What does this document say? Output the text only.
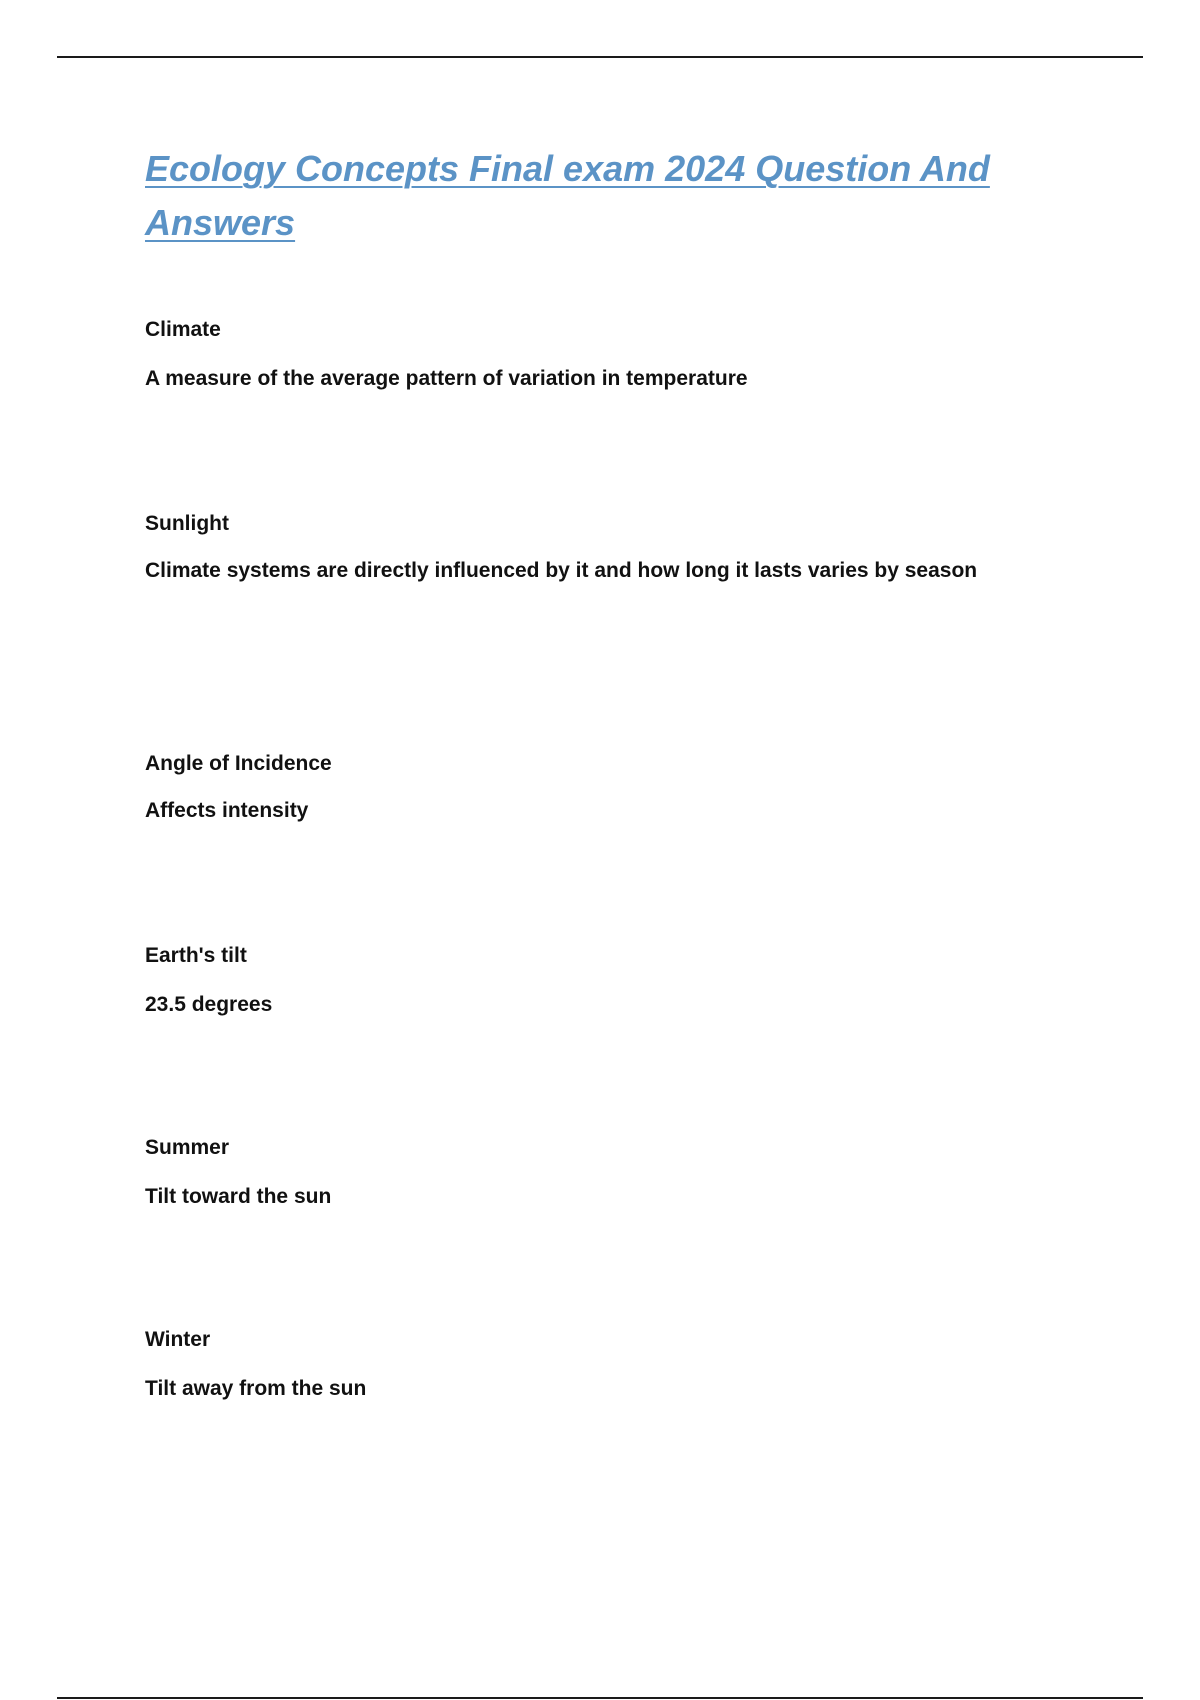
Ecology Concepts Final exam 2024 Question And Answers

Climate

A measure of the average pattern of variation in temperature

Sunlight

Climate systems are directly influenced by it and how long it lasts varies by season

Angle of Incidence

Affects intensity

Earth's tilt

23.5 degrees

Summer

Tilt toward the sun

Winter

Tilt away from the sun
